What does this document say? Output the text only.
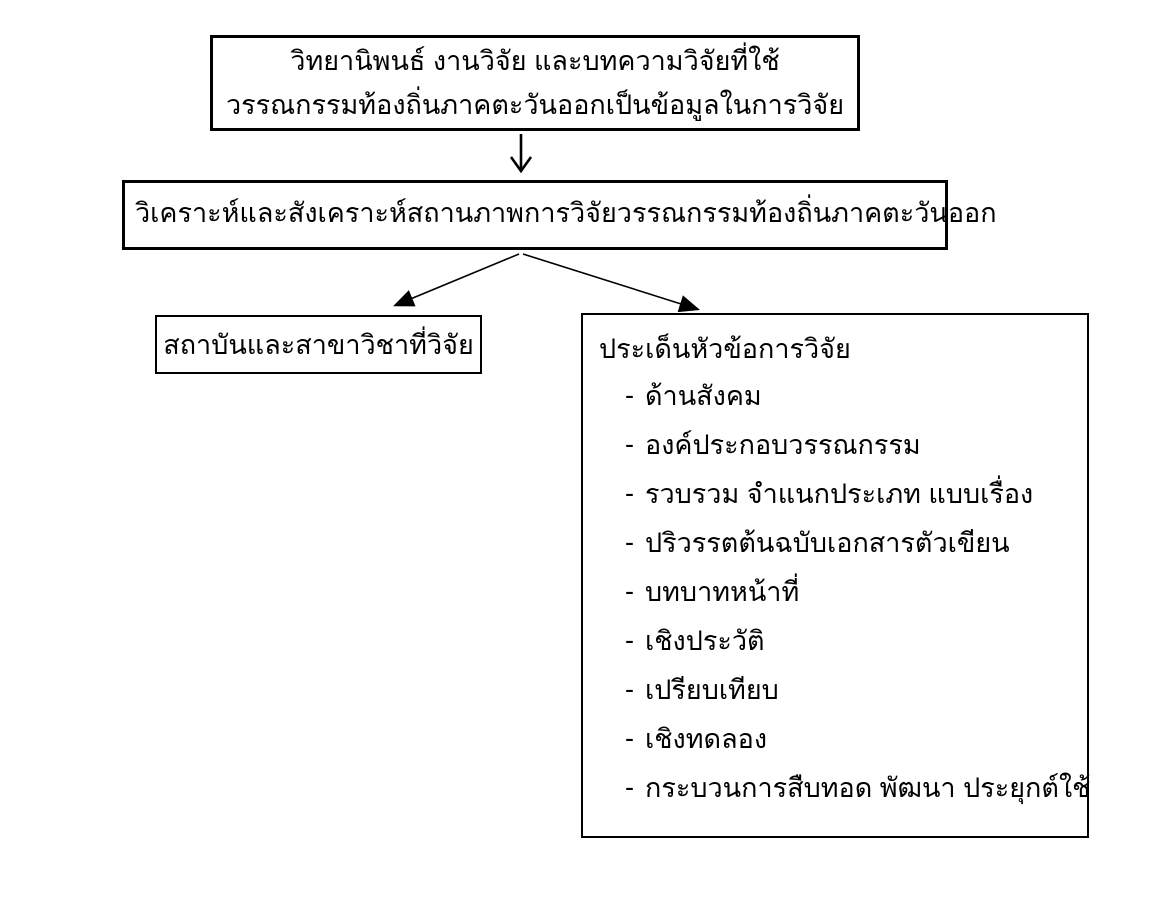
วิทยานิพนธ์ งานวิจัย และบทความวิจัยที่ใช้
วรรณกรรมท้องถิ่นภาคตะวันออกเป็นข้อมูลในการวิจัย
วิเคราะห์และสังเคราะห์สถานภาพการวิจัยวรรณกรรมท้องถิ่นภาคตะวันออก
สถาบันและสาขาวิชาที่วิจัย	ประเด็นหัวข้อการวิจัย
- ด้านสังคม
- องค์ประกอบวรรณกรรม
- รวบรวม จำแนกประเภท แบบเรื่อง
- ปริวรรตต้นฉบับเอกสารตัวเขียน
- บทบาทหน้าที่
- เชิงประวัติ
- เปรียบเทียบ
- เชิงทดลอง
- กระบวนการสืบทอด พัฒนา ประยุกต์ใช้
